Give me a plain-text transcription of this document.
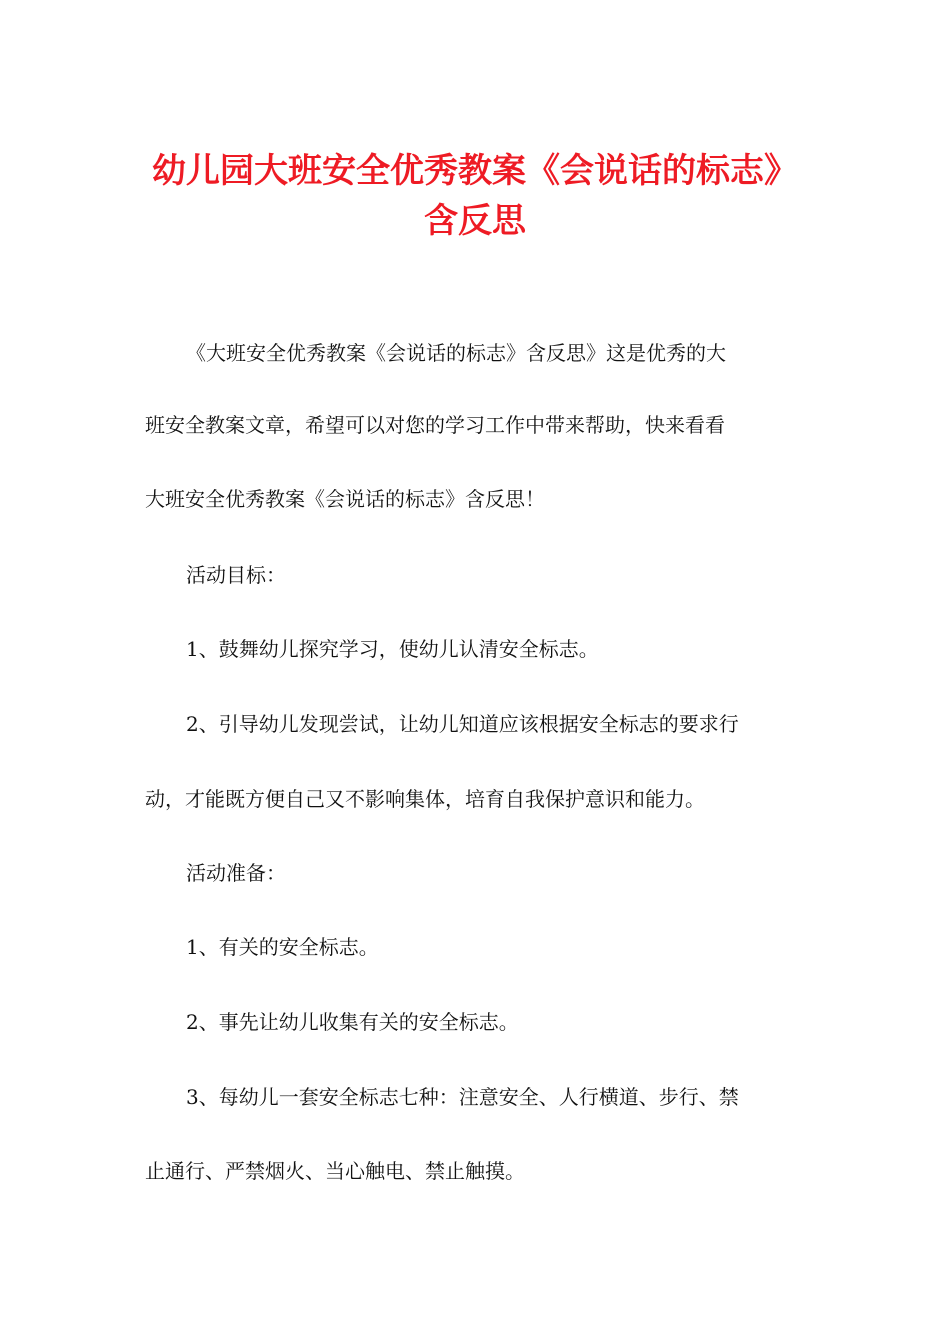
幼儿园大班安全优秀教案《会说话的标志》
含反思
《大班安全优秀教案《会说话的标志》含反思》这是优秀的大
班安全教案文章，希望可以对您的学习工作中带来帮助，快来看看
大班安全优秀教案《会说话的标志》含反思！
活动目标：
1、鼓舞幼儿探究学习，使幼儿认清安全标志。
2、引导幼儿发现尝试，让幼儿知道应该根据安全标志的要求行
动，才能既方便自己又不影响集体，培育自我保护意识和能力。
活动准备：
1、有关的安全标志。
2、事先让幼儿收集有关的安全标志。
3、每幼儿一套安全标志七种：注意安全、人行横道、步行、禁
止通行、严禁烟火、当心触电、禁止触摸。
